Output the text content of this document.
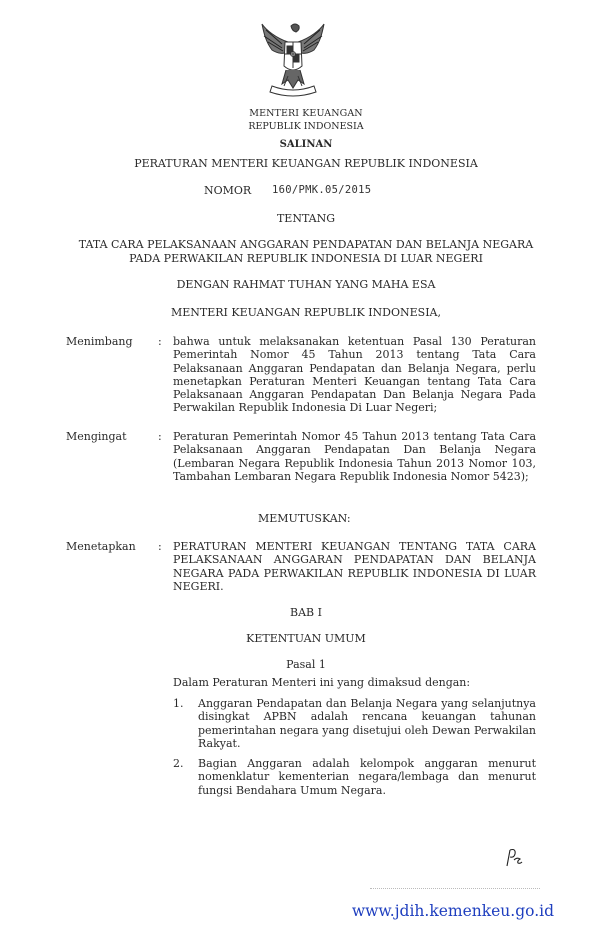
MENTERI KEUANGAN
REPUBLIK INDONESIA
SALINAN
PERATURAN MENTERI KEUANGAN REPUBLIK INDONESIA
NOMOR 160/PMK.05/2015
TENTANG
TATA CARA PELAKSANAAN ANGGARAN PENDAPATAN DAN BELANJA NEGARA
PADA PERWAKILAN REPUBLIK INDONESIA DI LUAR NEGERI
DENGAN RAHMAT TUHAN YANG MAHA ESA
MENTERI KEUANGAN REPUBLIK INDONESIA,
Menimbang : bahwa untuk melaksanakan ketentuan Pasal 130 Peraturan Pemerintah Nomor 45 Tahun 2013 tentang Tata Cara Pelaksanaan Anggaran Pendapatan dan Belanja Negara, perlu menetapkan Peraturan Menteri Keuangan tentang Tata Cara Pelaksanaan Anggaran Pendapatan Dan Belanja Negara Pada Perwakilan Republik Indonesia Di Luar Negeri;
Mengingat	: Peraturan Pemerintah Nomor 45 Tahun 2013 tentang Tata Cara Pelaksanaan Anggaran Pendapatan Dan Belanja Negara (Lembaran Negara Republik Indonesia Tahun 2013 Nomor 103, Tambahan Lembaran Negara Republik Indonesia Nomor 5423);
MEMUTUSKAN:
Menetapkan : PERATURAN MENTERI KEUANGAN TENTANG TATA CARA PELAKSANAAN ANGGARAN PENDAPATAN DAN BELANJA NEGARA PADA PERWAKILAN REPUBLIK INDONESIA DI LUAR NEGERI.
BAB I
KETENTUAN UMUM
Pasal 1
Dalam Peraturan Menteri ini yang dimaksud dengan:
1. Anggaran Pendapatan dan Belanja Negara yang selanjutnya disingkat APBN adalah rencana keuangan tahunan pemerintahan negara yang disetujui oleh Dewan Perwakilan Rakyat.
2. Bagian Anggaran adalah kelompok anggaran menurut nomenklatur kementerian negara/lembaga dan menurut fungsi Bendahara Umum Negara.
www.jdih.kemenkeu.go.id
